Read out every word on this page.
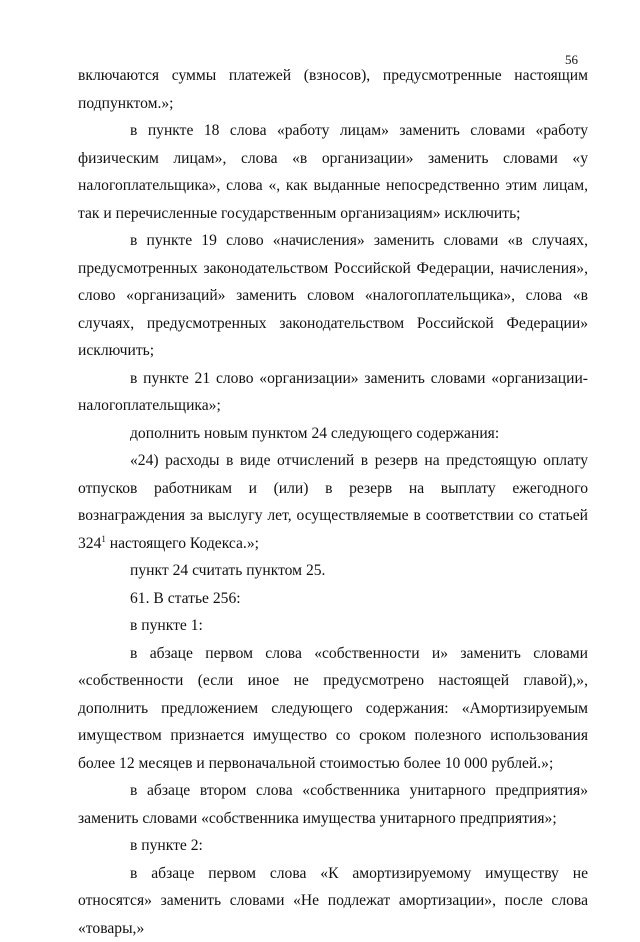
56

включаются суммы платежей (взносов), предусмотренные настоящим подпунктом.»;

в пункте 18 слова «работу лицам» заменить словами «работу физическим лицам», слова «в организации» заменить словами «у налогоплательщика», слова «, как выданные непосредственно этим лицам, так и перечисленные государственным организациям» исключить;

в пункте 19 слово «начисления» заменить словами «в случаях, предусмотренных законодательством Российской Федерации, начисления», слово «организаций» заменить словом «налогоплательщика», слова «в случаях, предусмотренных законодательством Российской Федерации» исключить;

в пункте 21 слово «организации» заменить словами «организации-налогоплательщика»;

дополнить новым пунктом 24 следующего содержания:

«24) расходы в виде отчислений в резерв на предстоящую оплату отпусков работникам и (или) в резерв на выплату ежегодного вознаграждения за выслугу лет, осуществляемые в соответствии со статьей $324^1$ настоящего Кодекса.»;

пункт 24 считать пунктом 25.

61. В статье 256:

в пункте 1:

в абзаце первом слова «собственности и» заменить словами «собственности (если иное не предусмотрено настоящей главой),», дополнить предложением следующего содержания: «Амортизируемым имуществом признается имущество со сроком полезного использования более 12 месяцев и первоначальной стоимостью более 10 000 рублей.»;

в абзаце втором слова «собственника унитарного предприятия» заменить словами «собственника имущества унитарного предприятия»;

в пункте 2:

в абзаце первом слова «К амортизируемому имуществу не относятся» заменить словами «Не подлежат амортизации», после слова «товары,»
